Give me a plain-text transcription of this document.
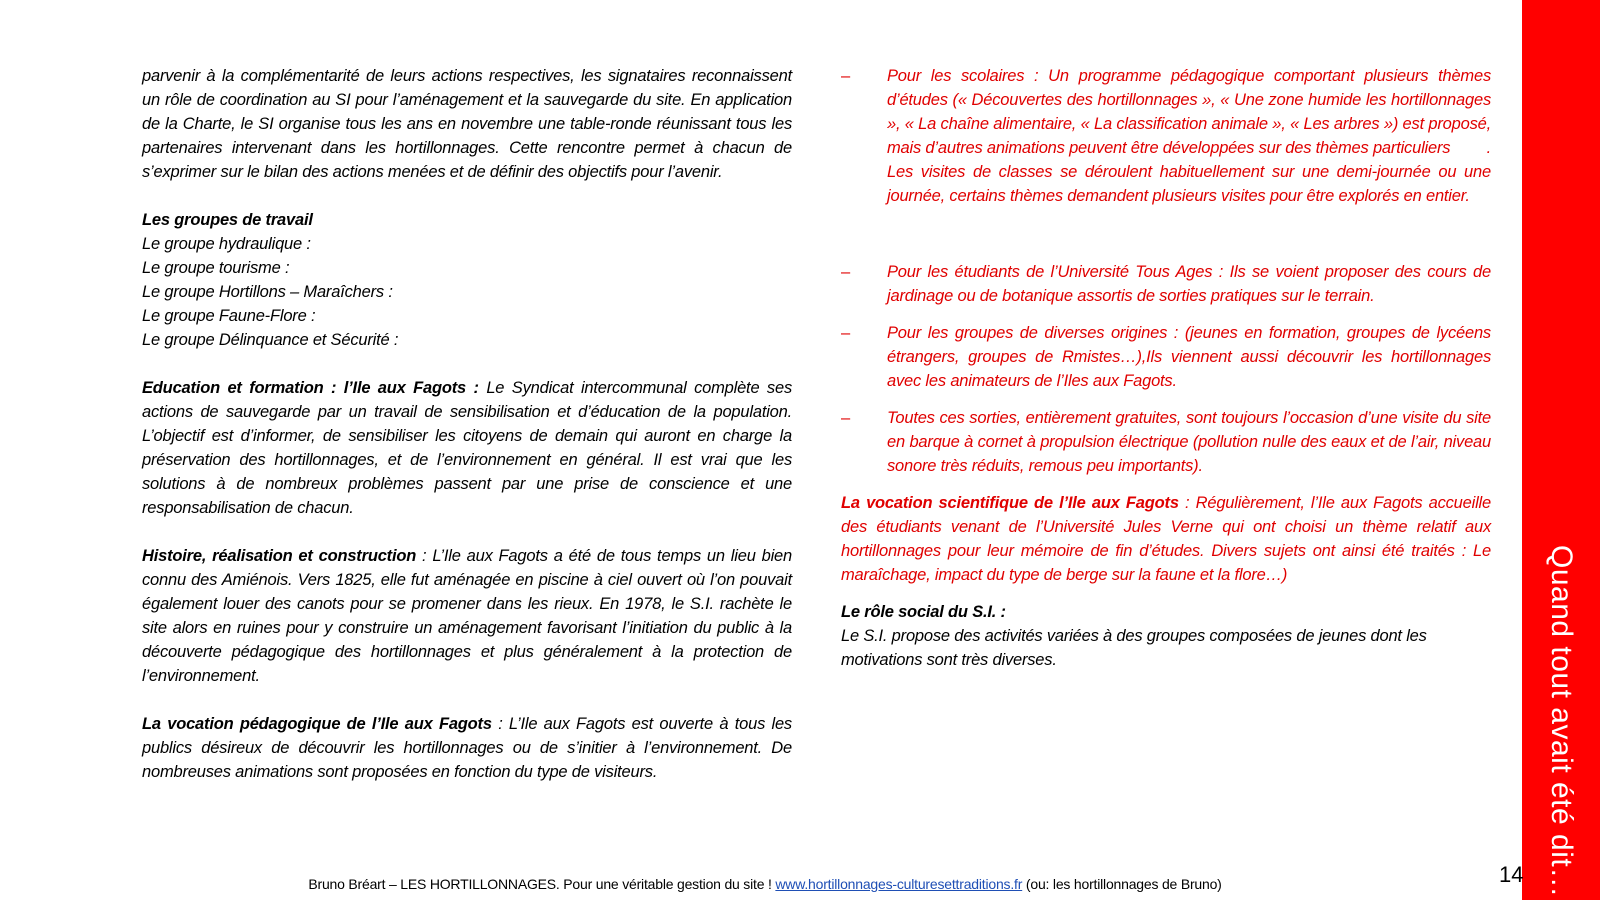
parvenir à la complémentarité de leurs actions respectives, les signataires reconnaissent un rôle de coordination au SI pour l’aménagement et la sauvegarde du site. En application de la Charte, le SI organise tous les ans en novembre une table-ronde réunissant tous les partenaires intervenant dans les hortillonnages. Cette rencontre permet à chacun de s’exprimer sur le bilan des actions menées et de définir des objectifs pour l’avenir.

Les groupes de travail
Le groupe hydraulique :
Le groupe tourisme :
Le groupe Hortillons – Maraîchers :
Le groupe Faune-Flore :
Le groupe Délinquance et Sécurité :

Education et formation : l’Ile aux Fagots : Le Syndicat intercommunal complète ses actions de sauvegarde par un travail de sensibilisation et d’éducation de la population. L’objectif est d’informer, de sensibiliser les citoyens de demain qui auront en charge la préservation des hortillonnages, et de l’environnement en général. Il est vrai que les solutions à de nombreux problèmes passent par une prise de conscience et une responsabilisation de chacun.

Histoire, réalisation et construction : L’Ile aux Fagots a été de tous temps un lieu bien connu des Amiénois. Vers 1825, elle fut aménagée en piscine à ciel ouvert où l’on pouvait également louer des canots pour se promener dans les rieux. En 1978, le S.I. rachète le site alors en ruines pour y construire un aménagement favorisant l’initiation du public à la découverte pédagogique des hortillonnages et plus généralement à la protection de l’environnement.

La vocation pédagogique de l’Ile aux Fagots : L’Ile aux Fagots est ouverte à tous les publics désireux de découvrir les hortillonnages ou de s’initier à l’environnement. De nombreuses animations sont proposées en fonction du type de visiteurs.

– Pour les scolaires : Un programme pédagogique comportant plusieurs thèmes d’études (« Découvertes des hortillonnages », « Une zone humide les hortillonnages », « La chaîne alimentaire, « La classification animale », « Les arbres ») est proposé, mais d’autres animations peuvent être développées sur des thèmes particuliers .
Les visites de classes se déroulent habituellement sur une demi-journée ou une journée, certains thèmes demandent plusieurs visites pour être explorés en entier.

– Pour les étudiants de l’Université Tous Ages : Ils se voient proposer des cours de jardinage ou de botanique assortis de sorties pratiques sur le terrain.

– Pour les groupes de diverses origines : (jeunes en formation, groupes de lycéens étrangers, groupes de Rmistes…),Ils viennent aussi découvrir les hortillonnages avec les animateurs de l’Iles aux Fagots.

– Toutes ces sorties, entièrement gratuites, sont toujours l’occasion d’une visite du site en barque à cornet à propulsion électrique (pollution nulle des eaux et de l’air, niveau sonore très réduits, remous peu importants).

La vocation scientifique de l’Ile aux Fagots : Régulièrement, l’Ile aux Fagots accueille des étudiants venant de l’Université Jules Verne qui ont choisi un thème relatif aux hortillonnages pour leur mémoire de fin d’études. Divers sujets ont ainsi été traités : Le maraîchage, impact du type de berge sur la faune et la flore…)

Le rôle social du S.I. :
Le S.I. propose des activités variées à des groupes composées de jeunes dont les motivations sont très diverses.	Quand tout avait été dit…
14
Bruno Bréart – LES HORTILLONNAGES. Pour une véritable gestion du site ! www.hortillonnages-culturesettraditions.fr (ou: les hortillonnages de Bruno)
